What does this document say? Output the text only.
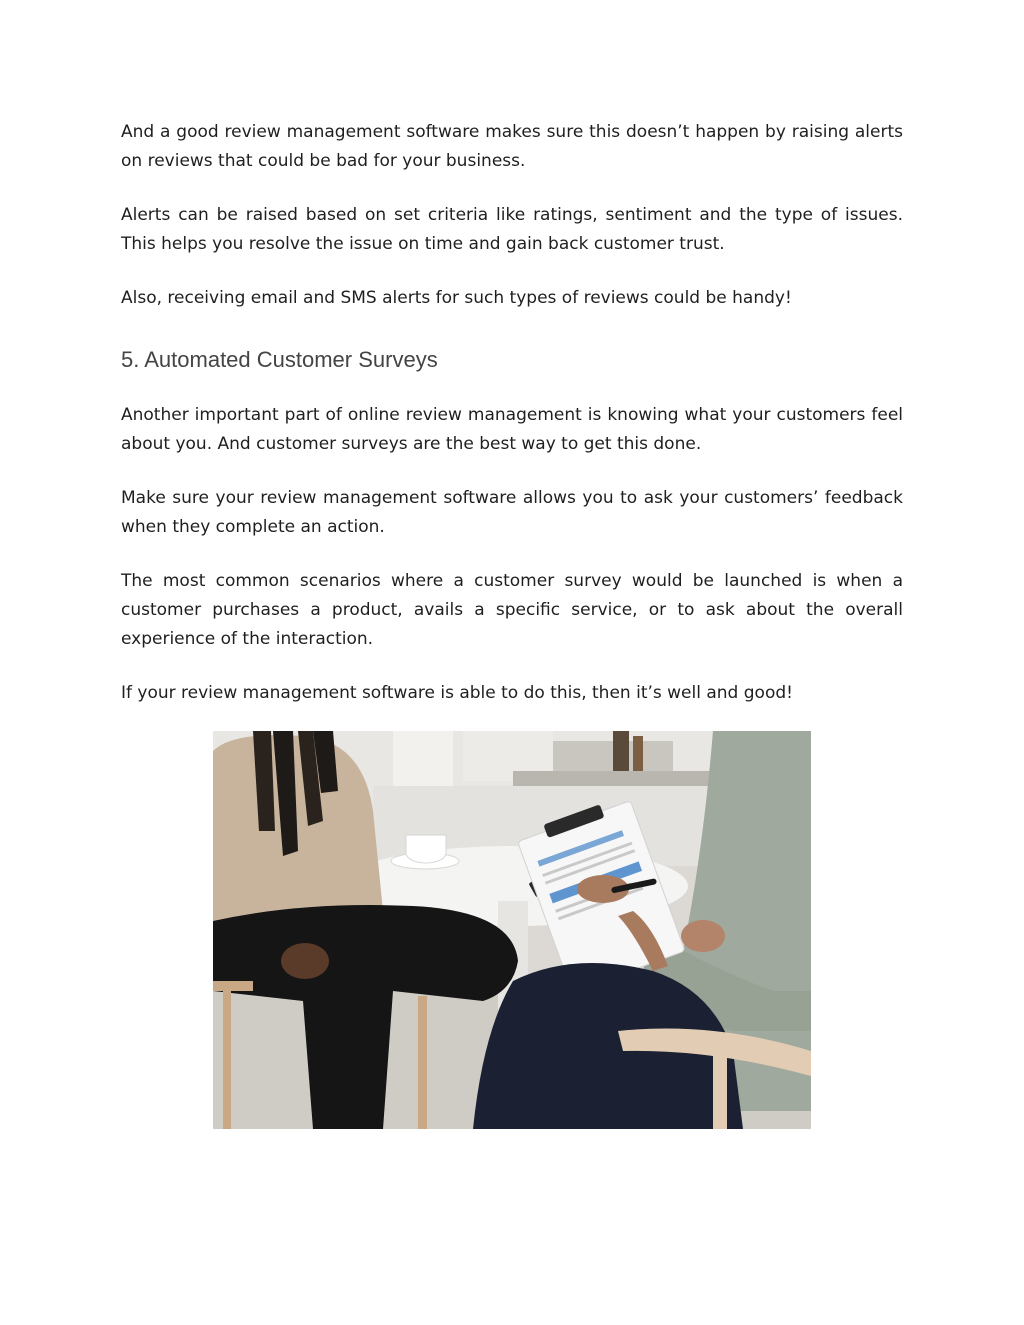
And a good review management software makes sure this doesn’t happen by raising alerts on reviews that could be bad for your business.

Alerts can be raised based on set criteria like ratings, sentiment and the type of issues. This helps you resolve the issue on time and gain back customer trust.

Also, receiving email and SMS alerts for such types of reviews could be handy!

5. Automated Customer Surveys

Another important part of online review management is knowing what your customers feel about you. And customer surveys are the best way to get this done.

Make sure your review management software allows you to ask your customers’ feedback when they complete an action.

The most common scenarios where a customer survey would be launched is when a customer purchases a product, avails a specific service, or to ask about the overall experience of the interaction.

If your review management software is able to do this, then it’s well and good!
